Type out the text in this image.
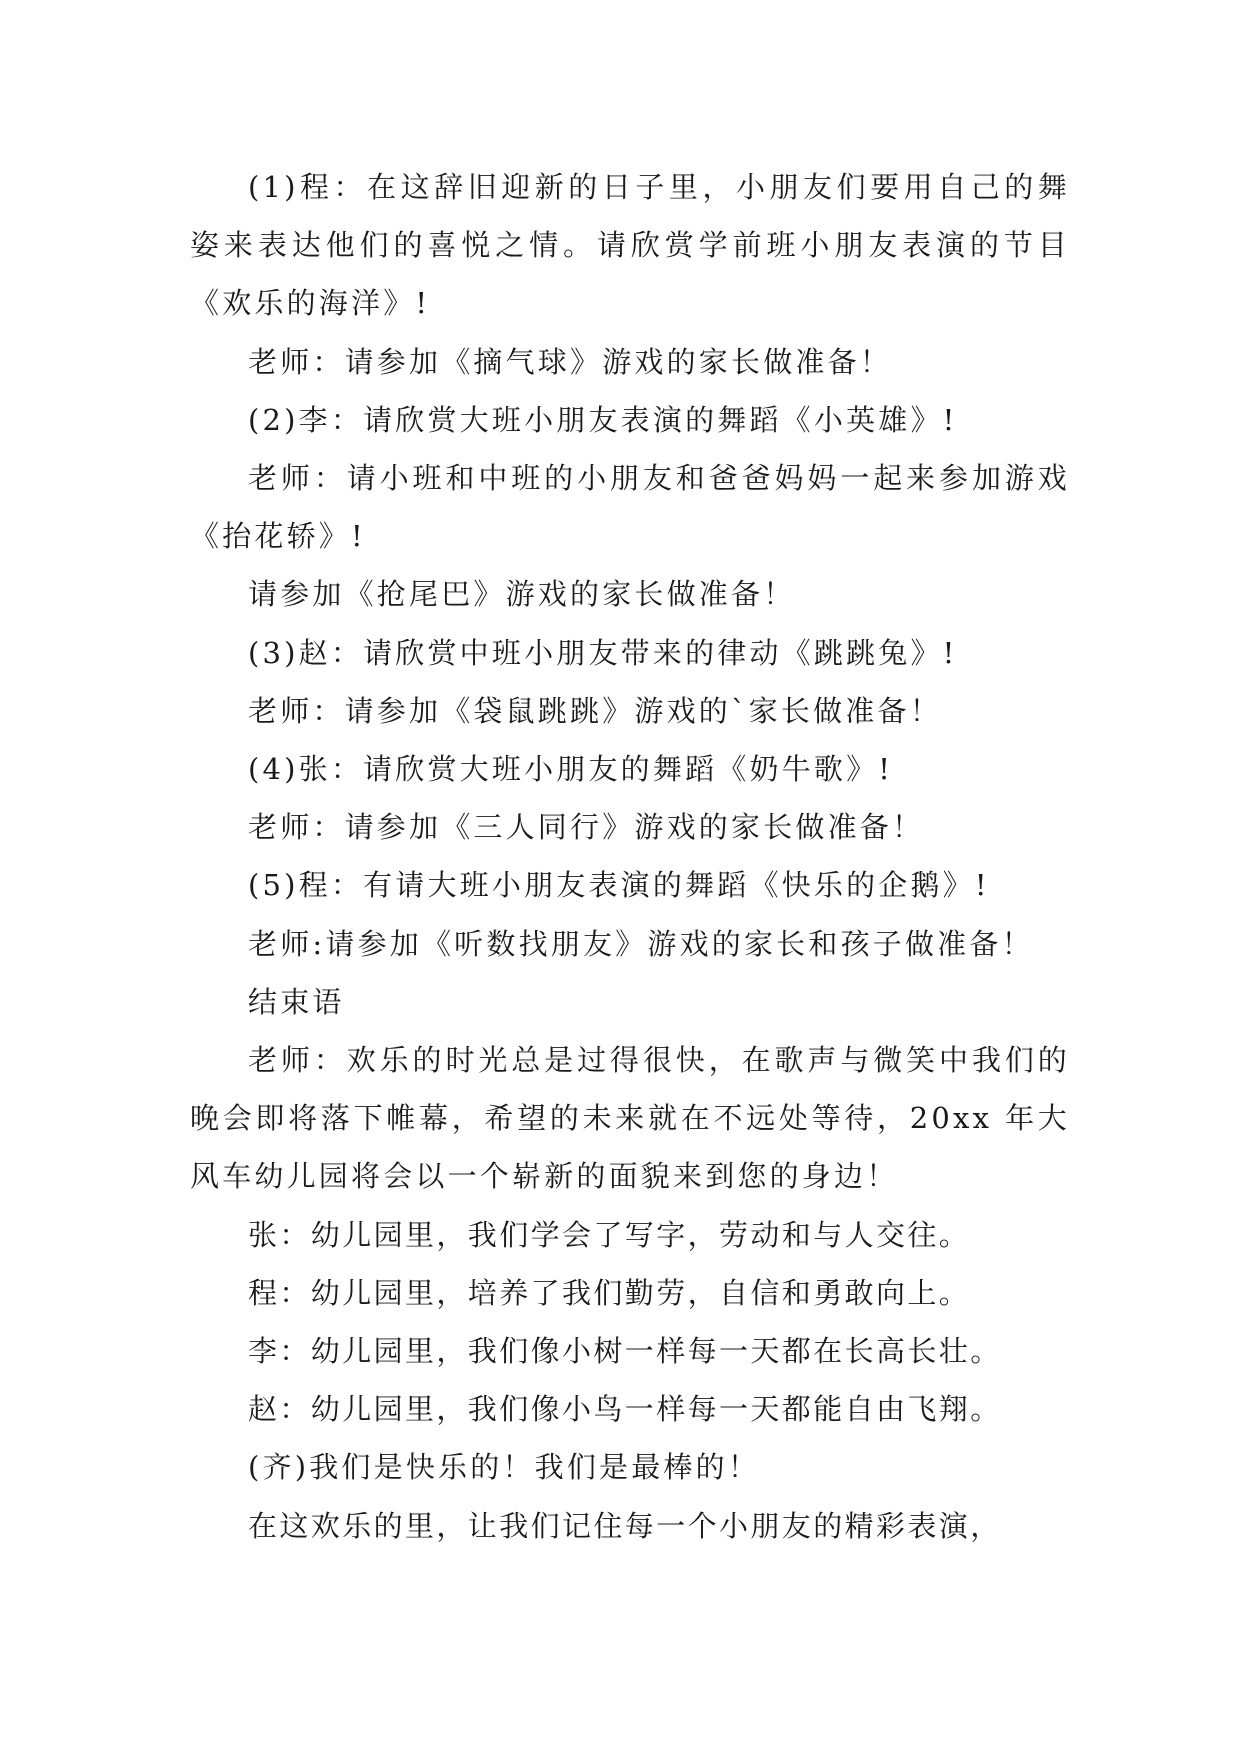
(1)程：在这辞旧迎新的日子里，小朋友们要用自己的舞姿来表达他们的喜悦之情。请欣赏学前班小朋友表演的节目《欢乐的海洋》!

老师：请参加《摘气球》游戏的家长做准备！

(2)李：请欣赏大班小朋友表演的舞蹈《小英雄》!

老师：请小班和中班的小朋友和爸爸妈妈一起来参加游戏《抬花轿》!

请参加《抢尾巴》游戏的家长做准备！

(3)赵：请欣赏中班小朋友带来的律动《跳跳兔》!

老师：请参加《袋鼠跳跳》游戏的`家长做准备！

(4)张：请欣赏大班小朋友的舞蹈《奶牛歌》!

老师：请参加《三人同行》游戏的家长做准备！

(5)程：有请大班小朋友表演的舞蹈《快乐的企鹅》!

老师:请参加《听数找朋友》游戏的家长和孩子做准备！

结束语

老师：欢乐的时光总是过得很快，在歌声与微笑中我们的晚会即将落下帷幕，希望的未来就在不远处等待，20xx 年大风车幼儿园将会以一个崭新的面貌来到您的身边！

张：幼儿园里，我们学会了写字，劳动和与人交往。

程：幼儿园里，培养了我们勤劳，自信和勇敢向上。

李：幼儿园里，我们像小树一样每一天都在长高长壮。

赵：幼儿园里，我们像小鸟一样每一天都能自由飞翔。

(齐)我们是快乐的！我们是最棒的！

在这欢乐的里，让我们记住每一个小朋友的精彩表演，
